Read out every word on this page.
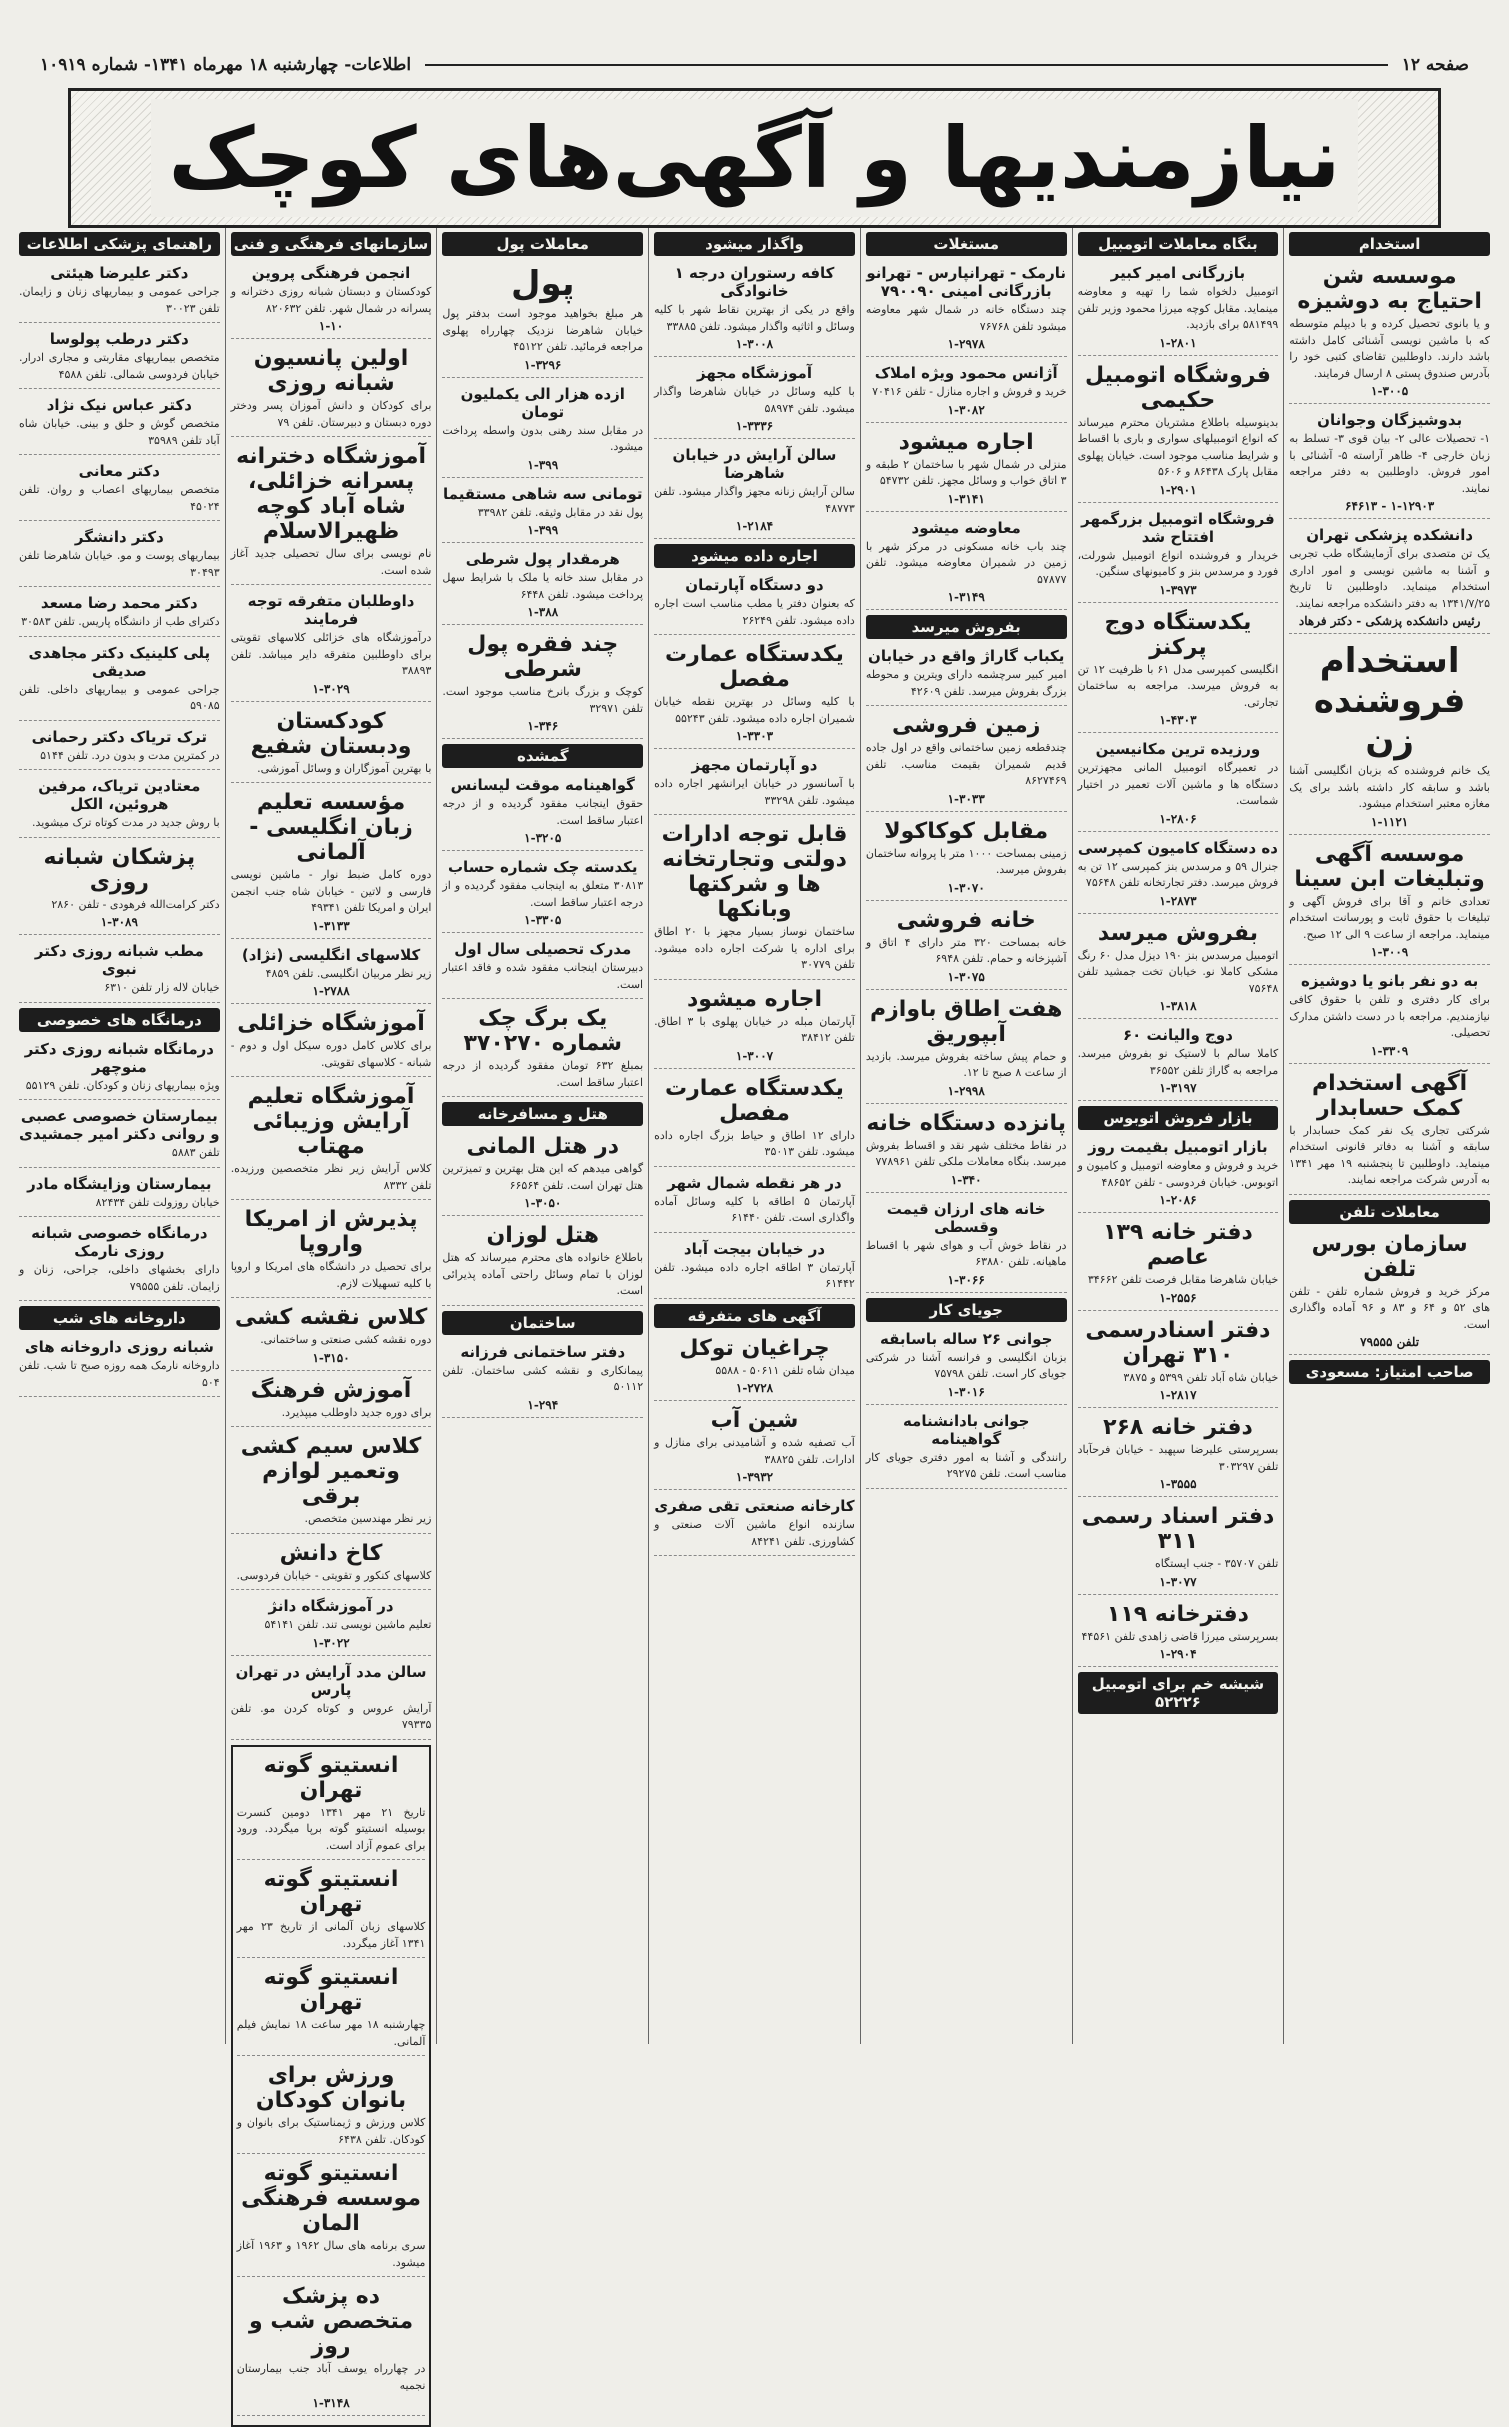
صفحه ۱۲
اطلاعات- چهارشنبه ۱۸ مهرماه ۱۳۴۱- شماره ۱۰۹۱۹
نیازمندیها و آگهی‌های کوچک
استخدام
موسسه شن احتیاج به دوشیزه

و یا بانوی تحصیل کرده و با دیپلم متوسطه که با ماشین نویسی آشنائی کامل داشته باشد دارند. داوطلبین تقاضای کتبی خود را بآدرس صندوق پستی ۸ ارسال فرمایند.

۱-۳۰۰۵
بدوشیزگان وجوانان

۱- تحصیلات عالی ۲- بیان قوی ۳- تسلط به زبان خارجی ۴- ظاهر آراسته ۵- آشنائی با امور فروش. داوطلبین به دفتر مراجعه نمایند.

۱-۱۲۹۰۳ - ۶۴۶۱۳
دانشکده پزشکی تهران

یک تن متصدی برای آزمایشگاه طب تجربی و آشنا به ماشین نویسی و امور اداری استخدام مینماید. داوطلبین تا تاریخ ۱۳۴۱/۷/۲۵ به دفتر دانشکده مراجعه نمایند.

رئیس دانشکده پزشکی - دکتر فرهاد
استخدام فروشنده زن

یک خانم فروشنده که بزبان انگلیسی آشنا باشد و سابقه کار داشته باشد برای یک مغازه معتبر استخدام میشود.

۱-۱۱۲۱
موسسه آگهی وتبلیغات ابن سینا

تعدادی خانم و آقا برای فروش آگهی و تبلیغات با حقوق ثابت و پورسانت استخدام مینماید. مراجعه از ساعت ۹ الی ۱۲ صبح.

۱-۳۰۰۹
به دو نفر بانو یا دوشیزه

برای کار دفتری و تلفن با حقوق کافی نیازمندیم. مراجعه با در دست داشتن مدارک تحصیلی.

۱-۳۳۰۹
آگهی استخدام کمک حسابدار

شرکتی تجاری یک نفر کمک حسابدار با سابقه و آشنا به دفاتر قانونی استخدام مینماید. داوطلبین تا پنجشنبه ۱۹ مهر ۱۳۴۱ به آدرس شرکت مراجعه نمایند.

معاملات تلفن
سازمان بورس تلفن

مرکز خرید و فروش شماره تلفن - تلفن های ۵۲ و ۶۴ و ۸۳ و ۹۶ آماده واگذاری است.

تلفن ۷۹۵۵۵
صاحب امتیاز: مسعودی
بنگاه معاملات اتومبیل
بازرگانی امیر کبیر

اتومبیل دلخواه شما را تهیه و معاوضه مینماید. مقابل کوچه میرزا محمود وزیر تلفن ۵۸۱۴۹۹ برای بازدید.

۱-۲۸۰۱
فروشگاه اتومبیل حکیمی

بدینوسیله باطلاع مشتریان محترم میرساند که انواع اتومبیلهای سواری و باری با اقساط و شرایط مناسب موجود است. خیابان پهلوی مقابل پارک ۸۶۴۳۸ و ۵۶۰۶

۱-۲۹۰۱
فروشگاه اتومبیل بزرگمهر افتتاح شد

خریدار و فروشنده انواع اتومبیل شورلت، فورد و مرسدس بنز و کامیونهای سنگین.

۱-۳۹۷۳
یکدستگاه دوج پرکنز

انگلیسی کمپرسی مدل ۶۱ با ظرفیت ۱۲ تن به فروش میرسد. مراجعه به ساختمان تجارتی.

۱-۴۳۰۳
ورزیده ترین مکانیسین

در تعمیرگاه اتومبیل المانی مجهزترین دستگاه ها و ماشین آلات تعمیر در اختیار شماست.

۱-۲۸۰۶
ده دستگاه کامیون کمپرسی

جنرال ۵۹ و مرسدس بنز کمپرسی ۱۲ تن به فروش میرسد. دفتر تجارتخانه تلفن ۷۵۶۴۸

۱-۲۸۷۳
بفروش میرسد

اتومبیل مرسدس بنز ۱۹۰ دیزل مدل ۶۰ رنگ مشکی کاملا نو. خیابان تخت جمشید تلفن ۷۵۶۴۸

۱-۳۸۱۸
دوج والیانت ۶۰

کاملا سالم با لاستیک نو بفروش میرسد. مراجعه به گاراژ تلفن ۳۶۵۵۲

۱-۳۱۹۷
بازار فروش اتوبوس
بازار اتومبیل بقیمت روز

خرید و فروش و معاوضه اتومبیل و کامیون و اتوبوس. خیابان فردوسی - تلفن ۴۸۶۵۲

۱-۲۰۸۶
دفتر خانه ۱۳۹ عاصم

خیابان شاهرضا مقابل فرصت تلفن ۳۴۶۶۲

۱-۲۵۵۶
دفتر اسنادرسمی ۳۱۰ تهران

خیابان شاه آباد تلفن ۵۳۹۹ و ۳۸۷۵

۱-۲۸۱۷
دفتر خانه ۲۶۸

بسرپرستی علیرضا سپهبد - خیابان فرحآباد تلفن ۳۰۳۲۹۷

۱-۳۵۵۵
دفتر اسناد رسمی ۳۱۱

تلفن ۳۵۷۰۷ - جنب ایستگاه

۱-۳۰۷۷
دفترخانه ۱۱۹

بسرپرستی میرزا قاضی زاهدی تلفن ۴۴۵۶۱

۱-۲۹۰۴
شیشه خم برای اتومبیل ۵۲۲۲۶
مستغلات
نارمک - تهرانپارس - تهرانو بازرگانی امینی ۷۹۰۰۹۰

چند دستگاه خانه در شمال شهر معاوضه میشود تلفن ۷۶۷۶۸

۱-۲۹۷۸
آژانس محمود ویژه املاک

خرید و فروش و اجاره منازل - تلفن ۷۰۴۱۶

۱-۳۰۸۲
اجاره میشود

منزلی در شمال شهر با ساختمان ۲ طبقه و ۳ اتاق خواب و وسائل مجهز. تلفن ۵۴۷۳۲

۱-۳۱۴۱
معاوضه میشود

چند باب خانه مسکونی در مرکز شهر با زمین در شمیران معاوضه میشود. تلفن ۵۷۸۷۷

۱-۳۱۴۹
بفروش میرسد
یکباب گاراژ واقع در خیابان

امیر کبیر سرچشمه دارای ویترین و محوطه بزرگ بفروش میرسد. تلفن ۴۲۶۰۹

زمین فروشی

چندقطعه زمین ساختمانی واقع در اول جاده قدیم شمیران بقیمت مناسب. تلفن ۸۶۲۷۴۶۹

۱-۳۰۳۳
مقابل کوکاکولا

زمینی بمساحت ۱۰۰۰ متر با پروانه ساختمان بفروش میرسد.

۱-۳۰۷۰
خانه فروشی

خانه بمساحت ۳۲۰ متر دارای ۴ اتاق و آشپزخانه و حمام. تلفن ۶۹۴۸

۱-۳۰۷۵
هفت اطاق باوازم آبپوریق

و حمام پیش ساخته بفروش میرسد. بازدید از ساعت ۸ صبح تا ۱۲.

۱-۲۹۹۸
پانزده دستگاه خانه

در نقاط مختلف شهر نقد و اقساط بفروش میرسد. بنگاه معاملات ملکی تلفن ۷۷۸۹۶۱

۱-۳۴۰
خانه های ارزان قیمت وقسطی

در نقاط خوش آب و هوای شهر با اقساط ماهیانه. تلفن ۶۳۸۸۰

۱-۳۰۶۶
جویای کار
جوانی ۲۶ ساله باسابقه

بزبان انگلیسی و فرانسه آشنا در شرکتی جویای کار است. تلفن ۷۵۷۹۸

۱-۳۰۱۶
جوانی بادانشنامه گواهینامه

رانندگی و آشنا به امور دفتری جویای کار مناسب است. تلفن ۲۹۲۷۵

واگذار میشود
کافه رستوران درجه ۱ خانوادگی

واقع در یکی از بهترین نقاط شهر با کلیه وسائل و اثاثیه واگذار میشود. تلفن ۳۳۸۸۵

۱-۳۰۰۸
آموزشگاه مجهز

با کلیه وسائل در خیابان شاهرضا واگذار میشود. تلفن ۵۸۹۷۴

۱-۳۳۳۶
سالن آرایش در خیابان شاهرضا

سالن آرایش زنانه مجهز واگذار میشود. تلفن ۴۸۷۷۳

۱-۲۱۸۴
اجاره داده میشود
دو دستگاه آپارتمان

که بعنوان دفتر یا مطب مناسب است اجاره داده میشود. تلفن ۲۶۲۴۹

یکدستگاه عمارت مفصل

با کلیه وسائل در بهترین نقطه خیابان شمیران اجاره داده میشود. تلفن ۵۵۲۴۳

۱-۳۳۰۳
دو آپارتمان مجهز

با آسانسور در خیابان ایرانشهر اجاره داده میشود. تلفن ۳۳۲۹۸

قابل توجه ادارات دولتی وتجارتخانه ها و شرکتها وبانکها

ساختمان نوساز بسیار مجهز با ۲۰ اطاق برای اداره یا شرکت اجاره داده میشود. تلفن ۳۰۷۷۹

اجاره میشود

آپارتمان مبله در خیابان پهلوی با ۳ اطاق. تلفن ۳۸۴۱۲

۱-۳۰۰۷
یکدستگاه عمارت مفصل

دارای ۱۲ اطاق و حیاط بزرگ اجاره داده میشود. تلفن ۳۵۰۱۳

در هر نقطه شمال شهر

آپارتمان ۵ اطاقه با کلیه وسائل آماده واگذاری است. تلفن ۶۱۴۴۰

در خیابان بیجت آباد

آپارتمان ۳ اطاقه اجاره داده میشود. تلفن ۶۱۴۴۲

آگهی های متفرقه
چراغیان توکل

میدان شاه تلفن ۵۰۶۱۱ - ۵۵۸۸

۱-۲۷۲۸
شین آب

آب تصفیه شده و آشامیدنی برای منازل و ادارات. تلفن ۳۸۸۲۵

۱-۳۹۳۲
کارخانه صنعتی تقی صفری

سازنده انواع ماشین آلات صنعتی و کشاورزی. تلفن ۸۴۲۴۱

معاملات پول
پول

هر مبلغ بخواهید موجود است بدفتر پول خیابان شاهرضا نزدیک چهارراه پهلوی مراجعه فرمائید. تلفن ۴۵۱۲۲

۱-۳۲۹۶
ازده هزار الی یکملیون تومان

در مقابل سند رهنی بدون واسطه پرداخت میشود.

۱-۳۹۹
تومانی سه شاهی مستقیما

پول نقد در مقابل وثیقه. تلفن ۳۳۹۸۲

۱-۳۹۹
هرمقدار پول شرطی

در مقابل سند خانه یا ملک با شرایط سهل پرداخت میشود. تلفن ۶۴۴۸

۱-۳۸۸
چند فقره پول شرطی

کوچک و بزرگ بانرخ مناسب موجود است. تلفن ۳۲۹۷۱

۱-۳۴۶
گمشده
گواهینامه موقت لیسانس

حقوق اینجانب مفقود گردیده و از درجه اعتبار ساقط است.

۱-۳۲۰۵
یکدسته چک شماره حساب

۳۰۸۱۳ متعلق به اینجانب مفقود گردیده و از درجه اعتبار ساقط است.

۱-۳۳۰۵
مدرک تحصیلی سال اول

دبیرستان اینجانب مفقود شده و فاقد اعتبار است.

یک برگ چک شماره ۳۷۰۲۷۰

بمبلغ ۶۳۲ تومان مفقود گردیده از درجه اعتبار ساقط است.

هتل و مسافرخانه
در هتل المانی

گواهی میدهم که این هتل بهترین و تمیزترین هتل تهران است. تلفن ۶۶۵۶۴

۱-۳۰۵۰
هتل لوزان

باطلاع خانواده های محترم میرساند که هتل لوزان با تمام وسائل راحتی آماده پذیرائی است.

ساختمان
دفتر ساختمانی فرزانه

پیمانکاری و نقشه کشی ساختمان. تلفن ۵۰۱۱۲

۱-۲۹۴
سازمانهای فرهنگی و فنی
انجمن فرهنگی پروین

کودکستان و دبستان شبانه روزی دخترانه و پسرانه در شمال شهر. تلفن ۸۲۰۶۳۲

۱-۱۰
اولین پانسیون شبانه روزی

برای کودکان و دانش آموزان پسر ودختر دوره دبستان و دبیرستان. تلفن ۷۹

آموزشگاه دخترانه پسرانه خزائلی، شاه آباد کوچه ظهیرالاسلام

نام نویسی برای سال تحصیلی جدید آغاز شده است.

داوطلبان متفرقه توجه فرمایند

درآموزشگاه های خزائلی کلاسهای تقویتی برای داوطلبین متفرقه دایر میباشد. تلفن ۳۸۸۹۳

۱-۳۰۲۹
کودکستان ودبستان شفیع

با بهترین آموزگاران و وسائل آموزشی.

مؤسسه تعلیم زبان انگلیسی - آلمانی

دوره کامل ضبط نوار - ماشین نویسی فارسی و لاتین - خیابان شاه جنب انجمن ایران و امریکا تلفن ۴۹۳۴۱

۱-۳۱۳۳
کلاسهای انگلیسی (نژاد)

زیر نظر مربیان انگلیسی. تلفن ۴۸۵۹

۱-۲۷۸۸
آموزشگاه خزائلی

برای کلاس کامل دوره سیکل اول و دوم - شبانه - کلاسهای تقویتی.

آموزشگاه تعلیم آرایش وزیبائی مهتاب

کلاس آرایش زیر نظر متخصصین ورزیده. تلفن ۸۳۳۲

پذیرش از امریکا واروپا

برای تحصیل در دانشگاه های امریکا و اروپا با کلیه تسهیلات لازم.

کلاس نقشه کشی

دوره نقشه کشی صنعتی و ساختمانی.

۱-۳۱۵۰
آموزش فرهنگ

برای دوره جدید داوطلب میپذیرد.

کلاس سیم کشی وتعمیر لوازم برقی

زیر نظر مهندسین متخصص.

کاخ دانش

کلاسهای کنکور و تقویتی - خیابان فردوسی.

در آموزشگاه دانژ

تعلیم ماشین نویسی تند. تلفن ۵۴۱۴۱

۱-۳۰۲۲
سالن مدد آرایش در تهران پارس

آرایش عروس و کوتاه کردن مو. تلفن ۷۹۳۳۵

انستیتو گوته تهران

تاریخ ۲۱ مهر ۱۳۴۱ دومین کنسرت بوسیله انستیتو گوته برپا میگردد. ورود برای عموم آزاد است.

انستیتو گوته تهران

کلاسهای زبان آلمانی از تاریخ ۲۳ مهر ۱۳۴۱ آغاز میگردد.

انستیتو گوته تهران

چهارشنبه ۱۸ مهر ساعت ۱۸ نمایش فیلم آلمانی.

ورزش برای بانوان کودکان

کلاس ورزش و ژیمناستیک برای بانوان و کودکان. تلفن ۶۴۳۸

انستیتو گوته موسسه فرهنگی المان

سری برنامه های سال ۱۹۶۲ و ۱۹۶۳ آغاز میشود.

ده پزشک متخصص شب و روز

در چهارراه یوسف آباد جنب بیمارستان نجمیه

۱-۳۱۴۸
راهنمای پزشکی اطلاعات
دکتر علیرضا هیئتی

جراحی عمومی و بیماریهای زنان و زایمان. تلفن ۳۰۰۲۳

دکتر درطب پولوسا

متخصص بیماریهای مقاربتی و مجاری ادرار. خیابان فردوسی شمالی. تلفن ۴۵۸۸

دکتر عباس نیک نژاد

متخصص گوش و حلق و بینی. خیابان شاه آباد تلفن ۳۵۹۸۹

دکتر معانی

متخصص بیماریهای اعصاب و روان. تلفن ۴۵۰۲۴

دکتر دانشگر

بیماریهای پوست و مو. خیابان شاهرضا تلفن ۳۰۴۹۳

دکتر محمد رضا مسعد

دکترای طب از دانشگاه پاریس. تلفن ۳۰۵۸۳

پلی کلینیک دکتر مجاهدی صدیقی

جراحی عمومی و بیماریهای داخلی. تلفن ۵۹۰۸۵

ترک تریاک دکتر رحمانی

در کمترین مدت و بدون درد. تلفن ۵۱۴۴

معتادین تریاک، مرفین هروئین، الکل

با روش جدید در مدت کوتاه ترک میشوید.

پزشکان شبانه روزی

دکتر کرامت‌الله فرهودی - تلفن ۲۸۶۰

۱-۳۰۸۹
مطب شبانه روزی دکتر نبوی

خیابان لاله زار تلفن ۶۳۱۰

درمانگاه های خصوصی
درمانگاه شبانه روزی دکتر منوچهر

ویژه بیماریهای زنان و کودکان. تلفن ۵۵۱۲۹

بیمارستان خصوصی عصبی و روانی دکتر امیر جمشیدی

تلفن ۵۸۸۳

بیمارستان وزایشگاه مادر

خیابان روزولت تلفن ۸۲۴۳۴

درمانگاه خصوصی شبانه روزی نارمک

دارای بخشهای داخلی، جراحی، زنان و زایمان. تلفن ۷۹۵۵۵

داروخانه های شب
شبانه روزی داروخانه های

داروخانه نارمک همه روزه صبح تا شب. تلفن ۵۰۴
